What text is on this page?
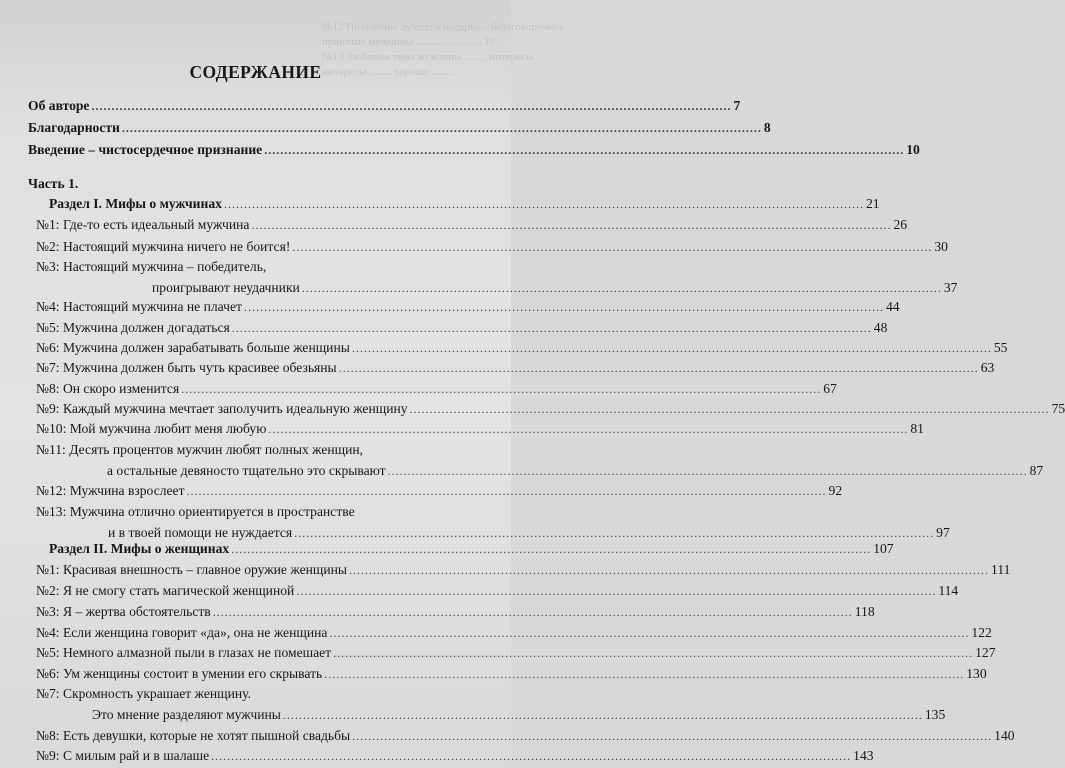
№12 Получение лучшего подарка – безоговорочное
принятие мужчины ........................ 17
№13 Любимая тема мужчины ........ интересы
интересы ........ хорошо ........
СОДЕРЖАНИЕ
Об авторе ................................................................................................................................................................ 7
Благодарности ................................................................................................................................................................ 8
Введение – чистосердечное признание ................................................................................................................................................................ 10
Часть 1.
Раздел I. Мифы о мужчинах ................................................................................................................................................................ 21
№1: Где-то есть идеальный мужчина ................................................................................................................................................................ 26
№2: Настоящий мужчина ничего не боится! ................................................................................................................................................................ 30
№3: Настоящий мужчина – победитель,
проигрывают неудачники ................................................................................................................................................................ 37
№4: Настоящий мужчина не плачет ................................................................................................................................................................ 44
№5: Мужчина должен догадаться ................................................................................................................................................................ 48
№6: Мужчина должен зарабатывать больше женщины ................................................................................................................................................................ 55
№7: Мужчина должен быть чуть красивее обезьяны ................................................................................................................................................................ 63
№8: Он скоро изменится ................................................................................................................................................................ 67
№9: Каждый мужчина мечтает заполучить идеальную женщину ................................................................................................................................................................ 75
№10: Мой мужчина любит меня любую ................................................................................................................................................................ 81
№11: Десять процентов мужчин любят полных женщин,
а остальные девяносто тщательно это скрывают ................................................................................................................................................................ 87
№12: Мужчина взрослеет ................................................................................................................................................................ 92
№13: Мужчина отлично ориентируется в пространстве
и в твоей помощи не нуждается ................................................................................................................................................................ 97
Раздел II. Мифы о женщинах ................................................................................................................................................................ 107
№1: Красивая внешность – главное оружие женщины ................................................................................................................................................................ 111
№2: Я не смогу стать магической женщиной ................................................................................................................................................................ 114
№3: Я – жертва обстоятельств ................................................................................................................................................................ 118
№4: Если женщина говорит «да», она не женщина ................................................................................................................................................................ 122
№5: Немного алмазной пыли в глазах не помешает ................................................................................................................................................................ 127
№6: Ум женщины состоит в умении его скрывать ................................................................................................................................................................ 130
№7: Скромность украшает женщину.
Это мнение разделяют мужчины ................................................................................................................................................................ 135
№8: Есть девушки, которые не хотят пышной свадьбы ................................................................................................................................................................ 140
№9: С милым рай и в шалаше ................................................................................................................................................................ 143
